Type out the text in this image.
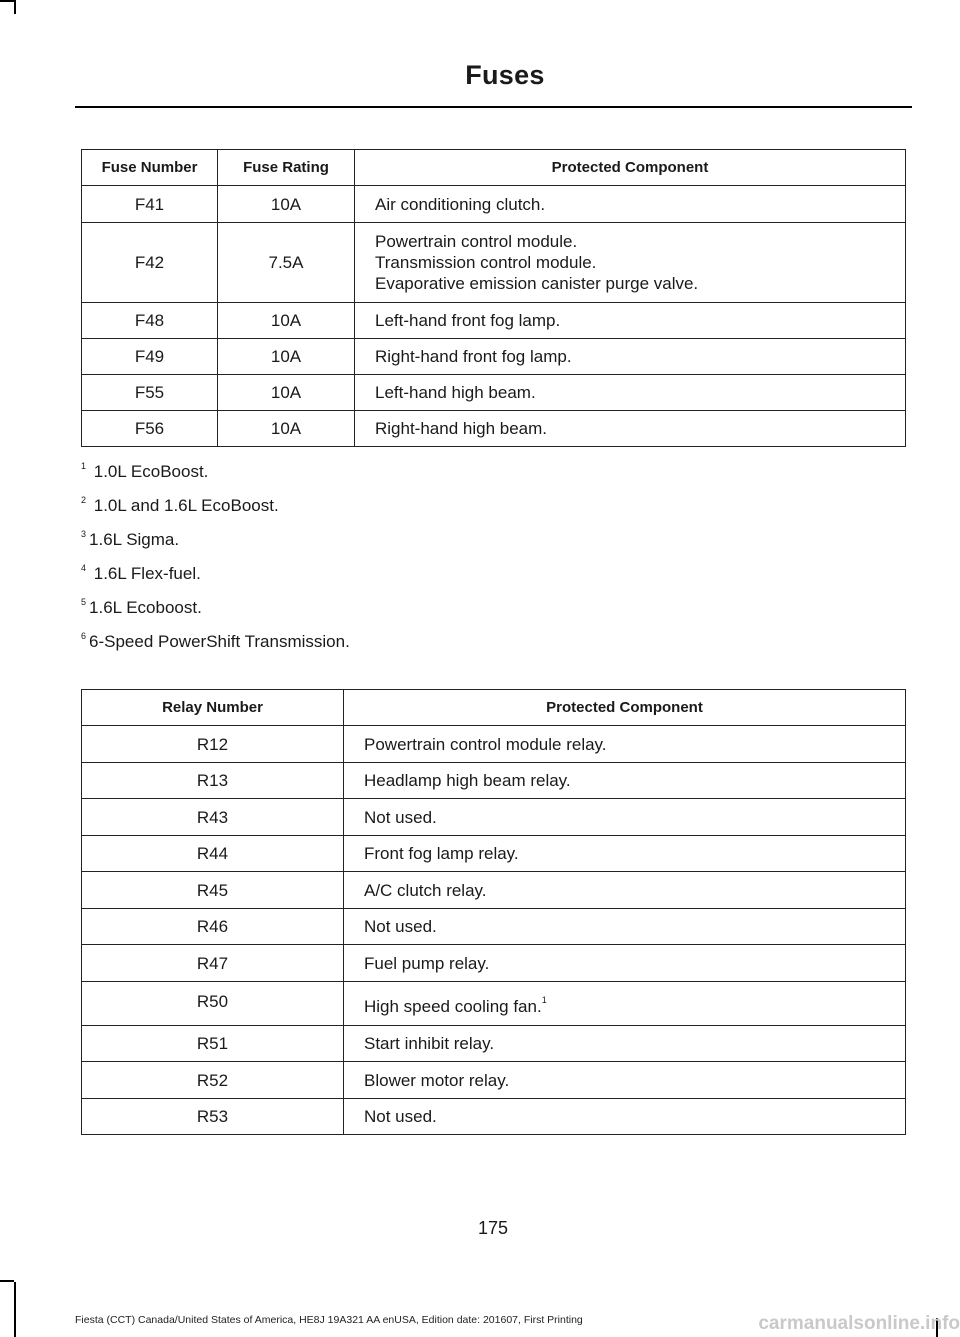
Fuses
Fuse Number	Fuse Rating	Protected Component
F41	10A	Air conditioning clutch.
F42	7.5A	Powertrain control module.
Transmission control module.
Evaporative emission canister purge valve.

F48	10A	Left-hand front fog lamp.
F49	10A	Right-hand front fog lamp.
F55	10A	Left-hand high beam.
F56	10A	Right-hand high beam.
$^1$ 1.0L EcoBoost.
$^2$ 1.0L and 1.6L EcoBoost.
$^3$ 1.6L Sigma.
$^4$ 1.6L Flex-fuel.
$^5$ 1.6L Ecoboost.
$^6$ 6-Speed PowerShift Transmission.
Relay Number	Protected Component
R12	Powertrain control module relay.
R13	Headlamp high beam relay.
R43	Not used.
R44	Front fog lamp relay.
R45	A/C clutch relay.
R46	Not used.
R47	Fuel pump relay.
R50	High speed cooling fan.$^1$
R51	Start inhibit relay.
R52	Blower motor relay.
R53	Not used.
175
Fiesta (CCT) Canada/United States of America, HE8J 19A321 AA enUSA, Edition date: 201607, First Printing	carmanualsonline.info
